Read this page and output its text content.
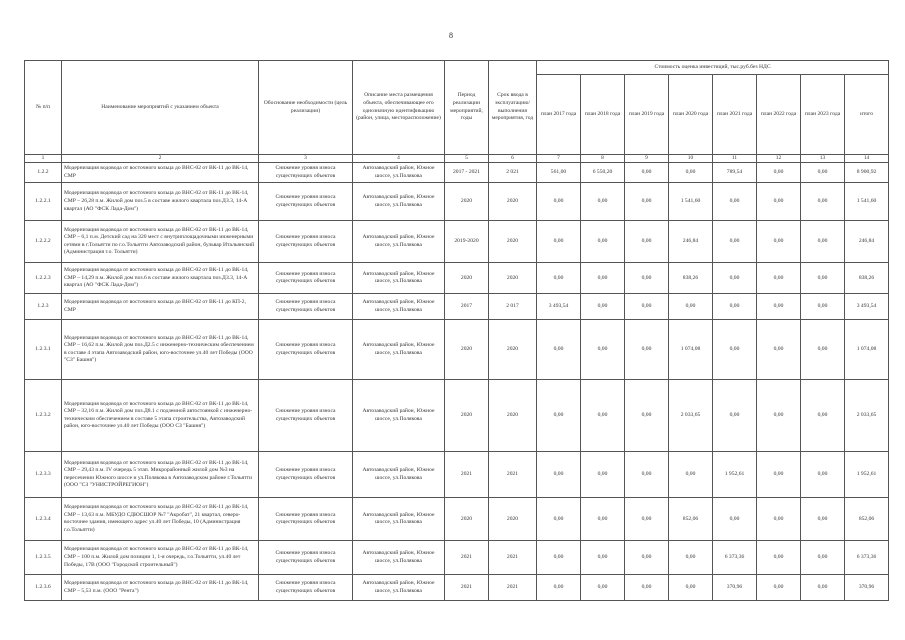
8
№ п/п	Наименование мероприятий с указанием объекта	Обоснование необходимости (цель реализации)	Описание места размещения объекта, обеспечивающее его однозначную идентификацию (район, улица, месторасположение)	Период реализации мероприятий, годы	Срок ввода в эксплуатацию/ выполнения мероприятия, год	Стоимость оценка инвестиций, тыс.руб.без НДС							
						план 2017 года	план 2018 года	план 2019 года	план 2020 года	план 2021 года	план 2022 года	план 2023 года	итого
1	2	3	4	5	6	7	8	9	10	11	12	13	14
1.2.2	Модернизация водовода от восточного кольца до ВНС-02 от ВК-11 до ВК-14, СМР	Снижение уровня износа существующих объектов	Автозаводский район, Южное шоссе, ул.Полякова	2017 - 2021	2 021	561,00	6 550,20	0,00	0,00	789,54	0,00	0,00	8 900,92
1.2.2.1	Модернизация водовода от восточного кольца до ВНС-02 от ВК-11 до ВК-14, СМР – 26,28 п.м. Жилой дом поз.5 в составе жилого квартала поз.ДЗ.3, 14-А квартал (АО "ФСК Лада-Дом")	Снижение уровня износа существующих объектов	Автозаводский район, Южное шоссе, ул.Полякова	2020	2020	0,00	0,00	0,00	1 541,60	0,00	0,00	0,00	1 541,60
1.2.2.2	Модернизация водовода от восточного кольца до ВНС-02 от ВК-11 до ВК-14, СМР – 6,1 п.м. Детский сад на 320 мест с внутриплощадочными инженерными сетями в г.Тольятти по г.о.Тольятти Автозаводский район, бульвар Итальянский (Администрация г.о. Тольятти)	Снижение уровня износа существующих объектов	Автозаводский район, Южное шоссе, ул.Полякова	2019-2020	2020	0,00	0,00	0,00	246,84	0,00	0,00	0,00	246,84
1.2.2.3	Модернизация водовода от восточного кольца до ВНС-02 от ВК-11 до ВК-14, СМР – 14,29 п.м. Жилой дом поз.6 в составе жилого квартала поз.ДЗ.3, 14-А квартал (АО "ФСК Лада-Дом")	Снижение уровня износа существующих объектов	Автозаводский район, Южное шоссе, ул.Полякова	2020	2020	0,00	0,00	0,00	838,26	0,00	0,00	0,00	838,26
1.2.3	Модернизация водовода от восточного кольца до ВНС-02 от ВК-11 до КП-2, СМР	Снижение уровня износа существующих объектов	Автозаводский район, Южное шоссе, ул.Полякова	2017	2 017	3 493,54	0,00	0,00	0,00	0,00	0,00	0,00	3 493,54
1.2.3.1	Модернизация водовода от восточного кольца до ВНС-02 от ВК-11 до ВК-14, СМР – 16,62 п.м. Жилой дом поз.Д2.5 с инженерно-техническим обеспечением в составе 4 этапа Автозаводский район, юго-восточнее ул.40 лет Победы (ООО "СЗ" Башня")	Снижение уровня износа существующих объектов	Автозаводский район, Южное шоссе, ул.Полякова	2020	2020	0,00	0,00	0,00	1 074,08	0,00	0,00	0,00	1 074,08
1.2.3.2	Модернизация водовода от восточного кольца до ВНС-02 от ВК-11 до ВК-14, СМР – 32,16 п.м. Жилой дом поз.Д8.1 с подземной автостоянкой с инженерно-техническим обеспечением в составе 5 этапа строительства, Автозаводский район, юго-восточнее ул.40 лет Победы (ООО СЗ "Башня")	Снижение уровня износа существующих объектов	Автозаводский район, Южное шоссе, ул.Полякова	2020	2020	0,00	0,00	0,00	2 033,65	0,00	0,00	0,00	2 033,65
1.2.3.3	Модернизация водовода от восточного кольца до ВНС-02 от ВК-11 до ВК-14, СМР – 29,43 п.м. IV очередь 5 этап. Микрорайонный жилой дом №3 на пересечении Южного шоссе и ул.Полякова в Автозаводском районе г.Тольятти (ООО "СЗ "УНИСТРОЙРЕГИОН")	Снижение уровня износа существующих объектов	Автозаводский район, Южное шоссе, ул.Полякова	2021	2021	0,00	0,00	0,00	0,00	1 952,61	0,00	0,00	1 952,61
1.2.3.4	Модернизация водовода от восточного кольца до ВНС-02 от ВК-11 до ВК-14, СМР – 13,63 п.м. МБУДО СДЮСШОР №7 "Акробат", 21 квартал, северо-восточнее здания, имеющего адрес ул.40 лет Победы, 10 (Администрация г.о.Тольятти)	Снижение уровня износа существующих объектов	Автозаводский район, Южное шоссе, ул.Полякова	2020	2020	0,00	0,00	0,00	852,06	0,00	0,00	0,00	852,06
1.2.3.5	Модернизация водовода от восточного кольца до ВНС-02 от ВК-11 до ВК-14, СМР – 100 п.м. Жилой дом позиции 1, 1-я очередь, г.о.Тольятти, ул.40 лет Победы, 17В (ООО "Городской строительный")	Снижение уровня износа существующих объектов	Автозаводский район, Южное шоссе, ул.Полякова	2021	2021	0,00	0,00	0,00	0,00	6 373,36	0,00	0,00	6 373,36
1.2.3.6	Модернизация водовода от восточного кольца до ВНС-02 от ВК-11 до ВК-14, СМР – 5,53 п.м. (ООО "Рента")	Снижение уровня износа существующих объектов	Автозаводский район, Южное шоссе, ул.Полякова	2021	2021	0,00	0,00	0,00	0,00	370,96	0,00	0,00	370,96
